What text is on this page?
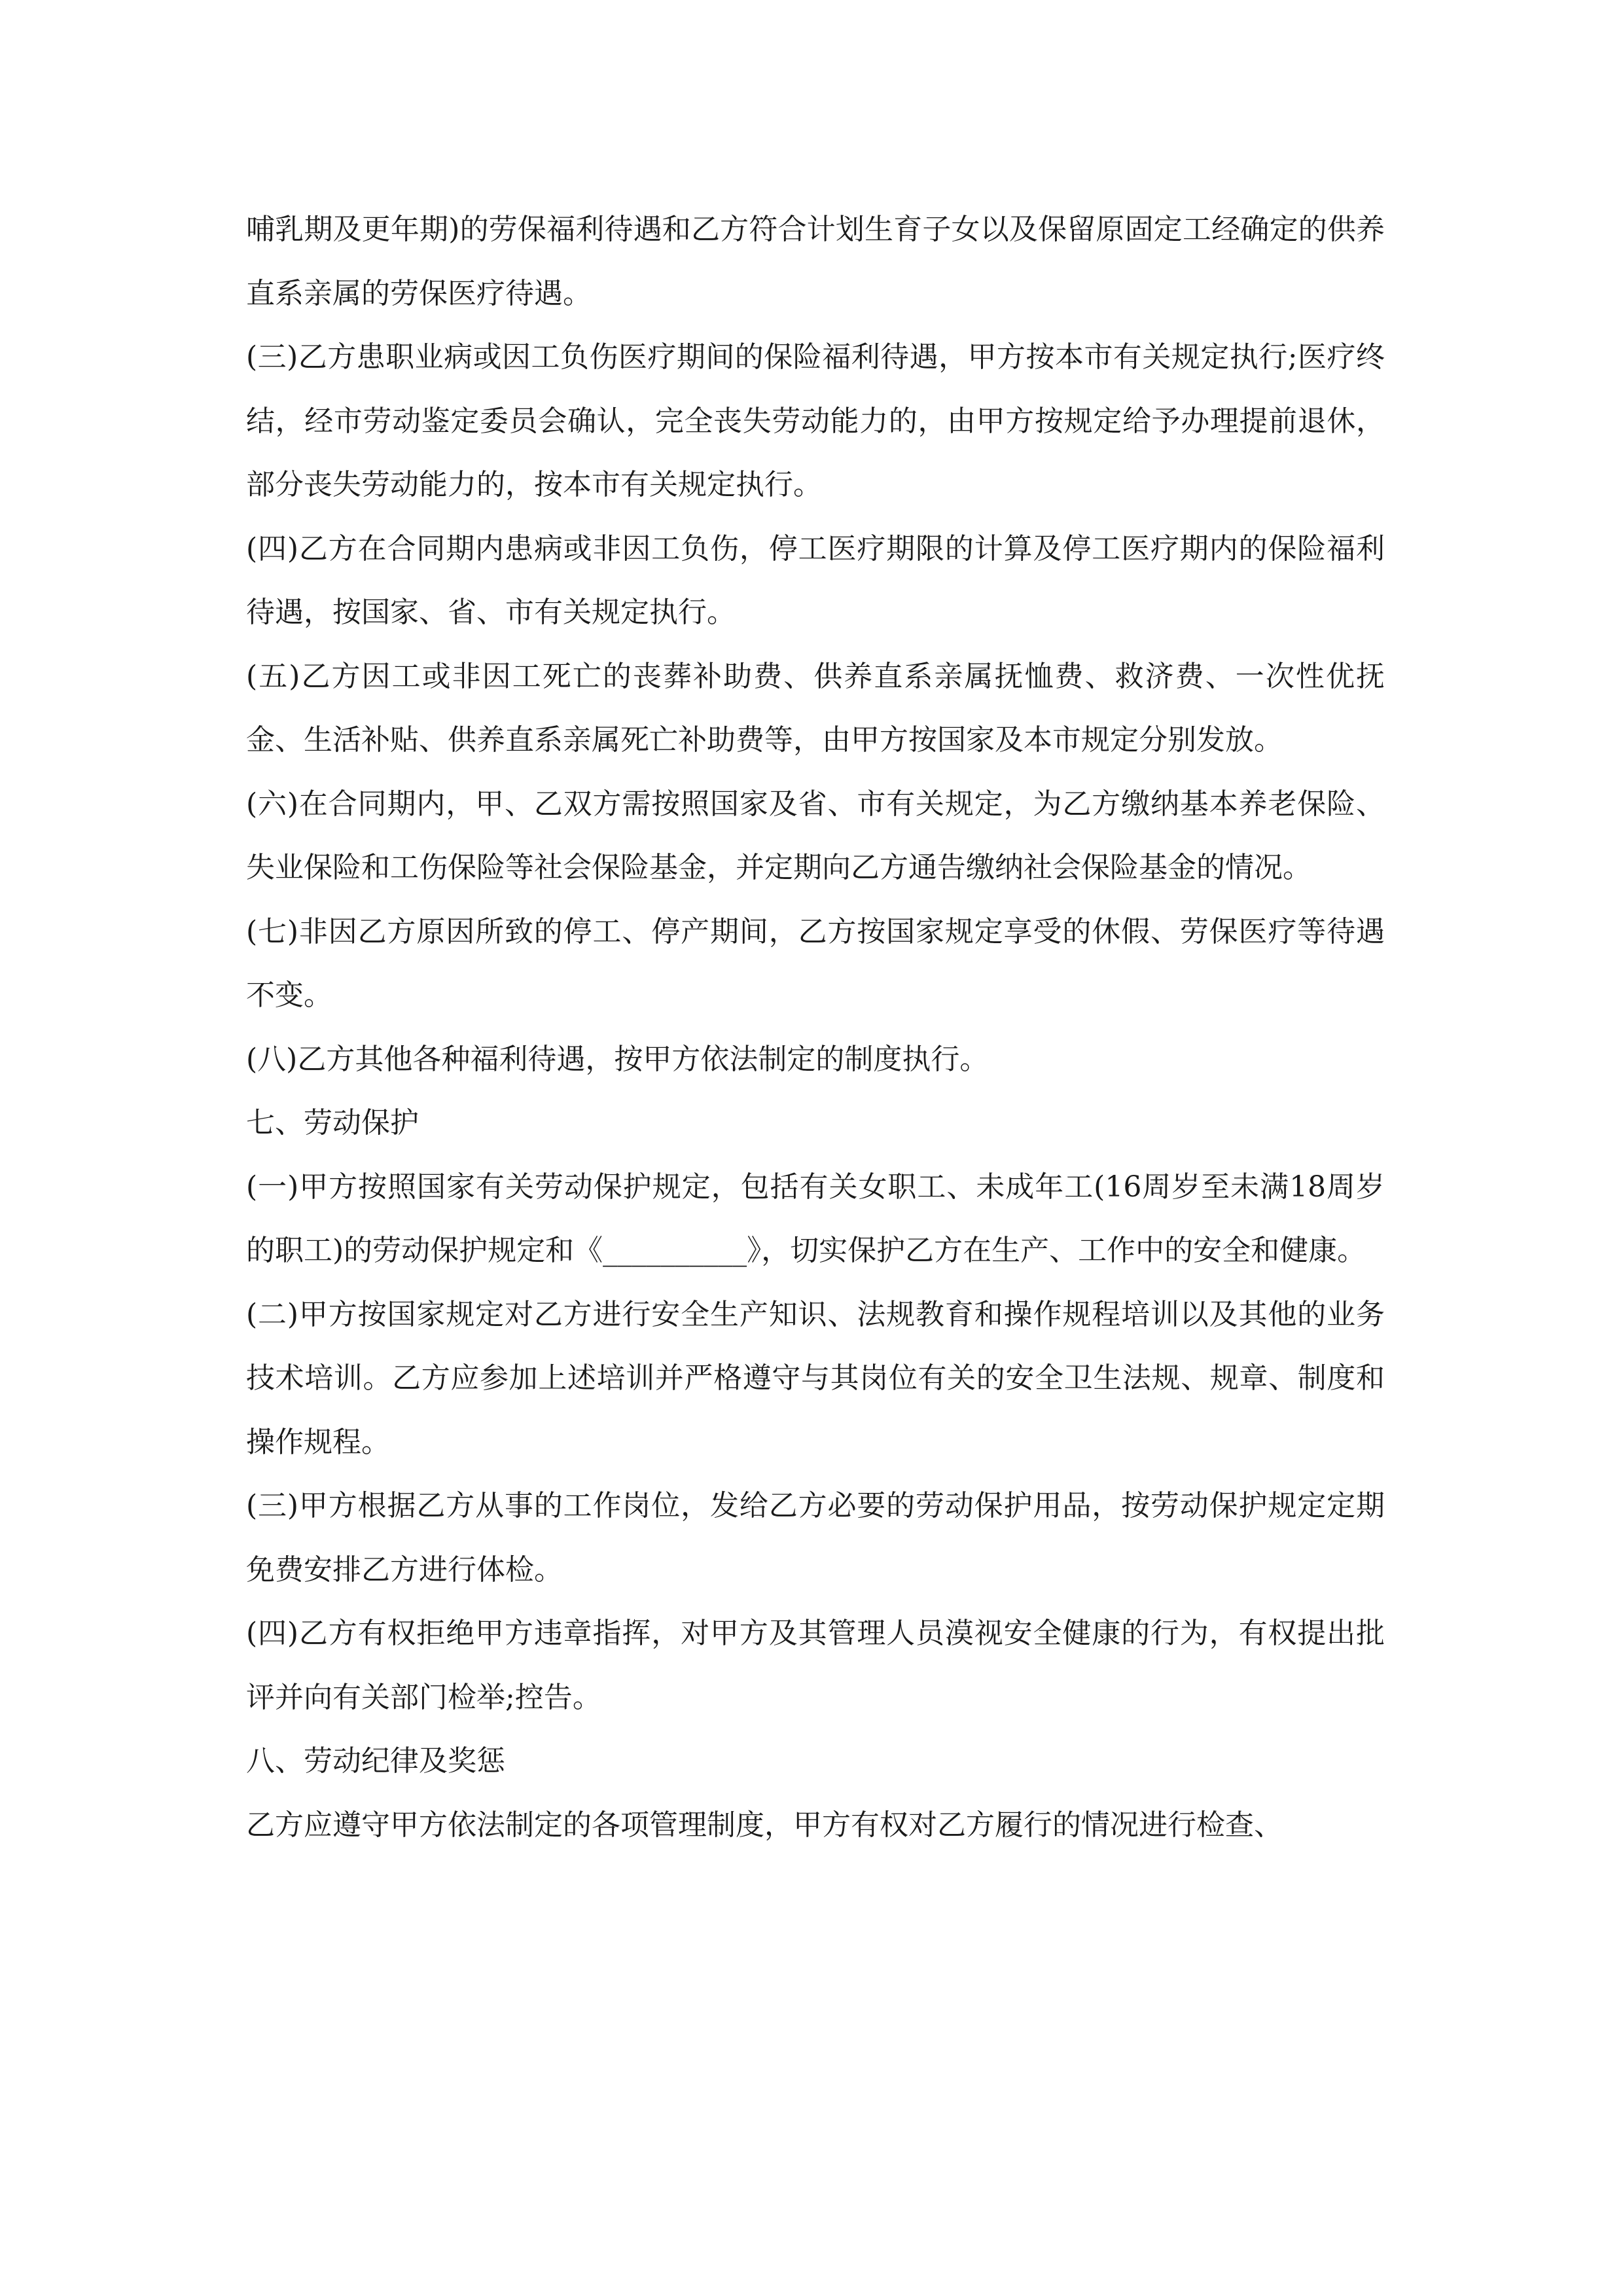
哺乳期及更年期)的劳保福利待遇和乙方符合计划生育子女以及保留原固定工经确定的供养直系亲属的劳保医疗待遇。

(三)乙方患职业病或因工负伤医疗期间的保险福利待遇，甲方按本市有关规定执行;医疗终结，经市劳动鉴定委员会确认，完全丧失劳动能力的，由甲方按规定给予办理提前退休，部分丧失劳动能力的，按本市有关规定执行。

(四)乙方在合同期内患病或非因工负伤，停工医疗期限的计算及停工医疗期内的保险福利待遇，按国家、省、市有关规定执行。

(五)乙方因工或非因工死亡的丧葬补助费、供养直系亲属抚恤费、救济费、一次性优抚金、生活补贴、供养直系亲属死亡补助费等，由甲方按国家及本市规定分别发放。

(六)在合同期内，甲、乙双方需按照国家及省、市有关规定，为乙方缴纳基本养老保险、失业保险和工伤保险等社会保险基金，并定期向乙方通告缴纳社会保险基金的情况。

(七)非因乙方原因所致的停工、停产期间，乙方按国家规定享受的休假、劳保医疗等待遇不变。

(八)乙方其他各种福利待遇，按甲方依法制定的制度执行。

七、劳动保护

(一)甲方按照国家有关劳动保护规定，包括有关女职工、未成年工(16周岁至未满18周岁的职工)的劳动保护规定和《__________》，切实保护乙方在生产、工作中的安全和健康。

(二)甲方按国家规定对乙方进行安全生产知识、法规教育和操作规程培训以及其他的业务技术培训。乙方应参加上述培训并严格遵守与其岗位有关的安全卫生法规、规章、制度和操作规程。

(三)甲方根据乙方从事的工作岗位，发给乙方必要的劳动保护用品，按劳动保护规定定期免费安排乙方进行体检。

(四)乙方有权拒绝甲方违章指挥，对甲方及其管理人员漠视安全健康的行为，有权提出批评并向有关部门检举;控告。

八、劳动纪律及奖惩

乙方应遵守甲方依法制定的各项管理制度，甲方有权对乙方履行的情况进行检查、
